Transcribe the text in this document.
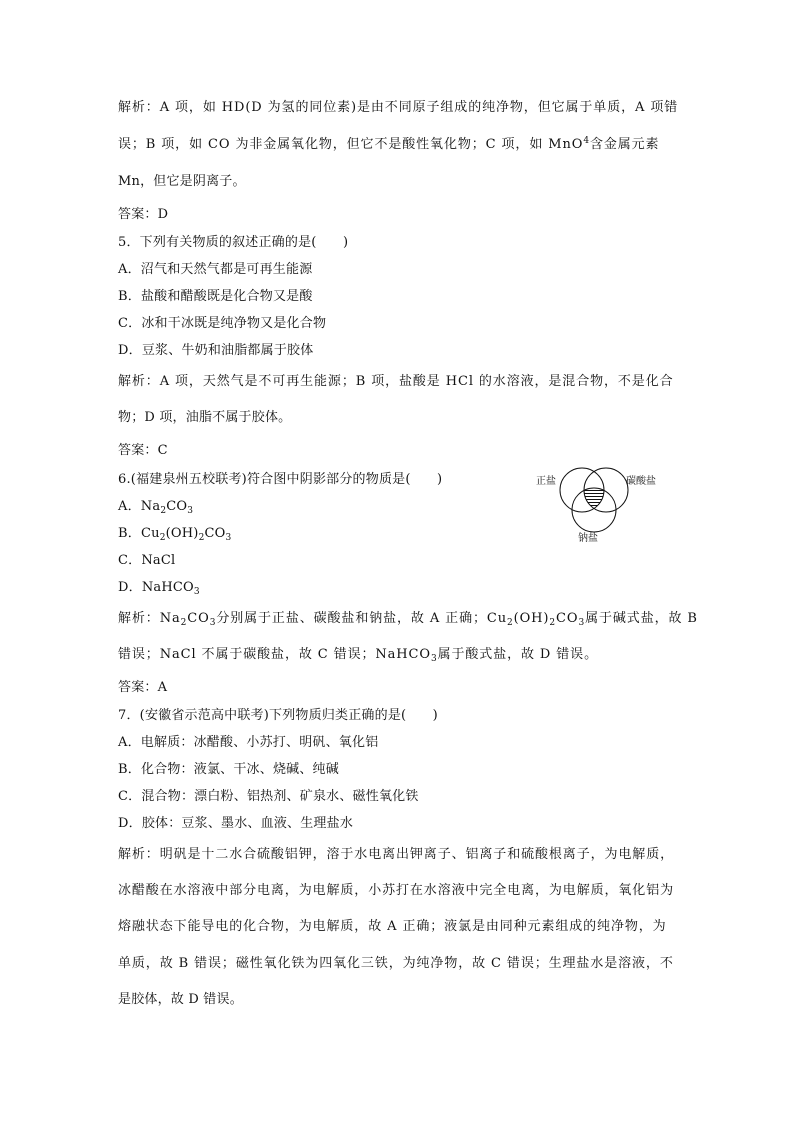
解析：A 项，如 HD(D 为氢的同位素)是由不同原子组成的纯净物，但它属于单质，A 项错
误；B 项，如 CO 为非金属氧化物，但它不是酸性氧化物；C 项，如 MnO$^4$含金属元素
Mn，但它是阴离子。
答案：D
5．下列有关物质的叙述正确的是(　　)
A．沼气和天然气都是可再生能源
B．盐酸和醋酸既是化合物又是酸
C．冰和干冰既是纯净物又是化合物
D．豆浆、牛奶和油脂都属于胶体
解析：A 项，天然气是不可再生能源；B 项，盐酸是 HCl 的水溶液，是混合物，不是化合
物；D 项，油脂不属于胶体。
答案：C
6.(福建泉州五校联考)符合图中阴影部分的物质是(　　)
A．$Na_2CO_3$
B．$Cu_2(OH)_2CO_3$
C．NaCl
D．NaHCO$_3$
正盐	碳酸盐
钠盐
解析：$Na_2CO_3$分别属于正盐、碳酸盐和钠盐，故 A 正确；$Cu_2(OH)_2CO_3$属于碱式盐，故 B
错误；NaCl 不属于碳酸盐，故 C 错误；NaHCO$_3$属于酸式盐，故 D 错误。
答案：A
7．(安徽省示范高中联考)下列物质归类正确的是(　　)
A．电解质：冰醋酸、小苏打、明矾、氧化铝
B．化合物：液氯、干冰、烧碱、纯碱
C．混合物：漂白粉、铝热剂、矿泉水、磁性氧化铁
D．胶体：豆浆、墨水、血液、生理盐水
解析：明矾是十二水合硫酸铝钾，溶于水电离出钾离子、铝离子和硫酸根离子，为电解质，
冰醋酸在水溶液中部分电离，为电解质，小苏打在水溶液中完全电离，为电解质，氧化铝为
熔融状态下能导电的化合物，为电解质，故 A 正确；液氯是由同种元素组成的纯净物，为
单质，故 B 错误；磁性氧化铁为四氧化三铁，为纯净物，故 C 错误；生理盐水是溶液，不
是胶体，故 D 错误。
